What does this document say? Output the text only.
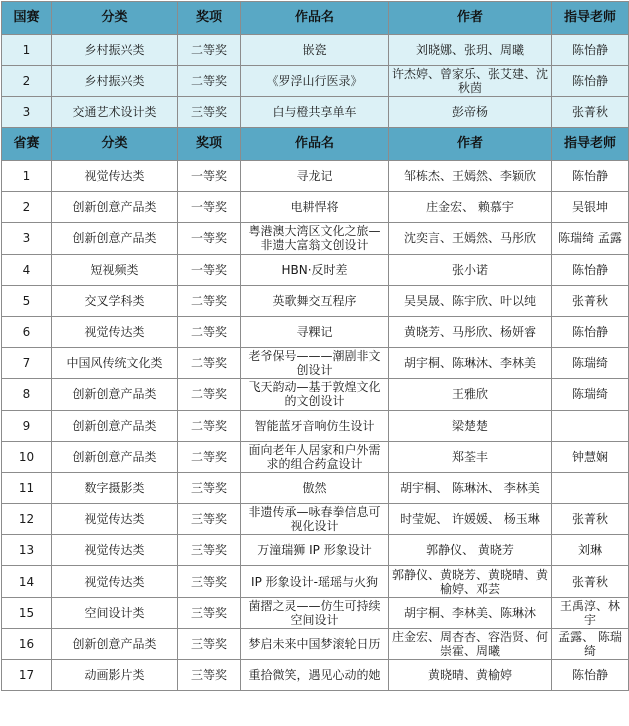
国赛	分类	奖项	作品名	作者	指导老师
1	乡村振兴类	二等奖	嵌瓷	刘晓娜、张玥、周曦	陈怡静
2	乡村振兴类	二等奖	《罗浮山行医录》	许杰婷、曾家乐、张艾建、沈秋茵	陈怡静
3	交通艺术设计类	三等奖	白与橙共享单车	彭帝杨	张菁秋
省赛	分类	奖项	作品名	作者	指导老师
1	视觉传达类	一等奖	寻龙记	邹栋杰、王嫣然、李颖欣	陈怡静
2	创新创意产品类	一等奖	电耕悍将	庄金宏、 赖慕宇	吴银坤
3	创新创意产品类	一等奖	粤港澳大湾区文化之旅—非遗大富翁文创设计	沈奕言、王嫣然、马彤欣	陈瑞绮 孟露
4	短视频类	一等奖	HBN·反时差	张小诺	陈怡静
5	交叉学科类	二等奖	英歌舞交互程序	吴昊晟、陈宇欣、叶以纯	张菁秋
6	视觉传达类	二等奖	寻粿记	黄晓芳、马彤欣、杨妍睿	陈怡静
7	中国风传统文化类	二等奖	老爷保号———潮剧非文创设计	胡宇桐、陈琳沐、李林美	陈瑞绮
8	创新创意产品类	二等奖	飞天韵动—基于敦煌文化的文创设计	王雅欣	陈瑞绮
9	创新创意产品类	二等奖	智能蓝牙音响仿生设计	梁楚楚	
10	创新创意产品类	二等奖	面向老年人居家和户外需求的组合药盒设计	郑荃丰	钟慧娴
11	数字摄影类	三等奖	傲然	胡宇桐、 陈琳沐、 李林美	
12	视觉传达类	三等奖	非遗传承—咏春拳信息可视化设计	时莹妮、 许媛媛、 杨玉琳	张菁秋
13	视觉传达类	三等奖	万潼瑞狮 IP 形象设计	郭静仪、 黄晓芳	刘琳
14	视觉传达类	三等奖	IP 形象设计-瑶瑶与火狗	郭静仪、黄晓芳、黄晓晴、黄榆婷、邓芸	张菁秋
15	空间设计类	三等奖	菌摺之灵——仿生可持续空间设计	胡宇桐、李林美、陈琳沐	王禹淳、林宇
16	创新创意产品类	三等奖	梦启未来中国梦滚轮日历	庄金宏、周杏杏、容浩贤、何崇霍、周曦	孟露、 陈瑞绮
17	动画影片类	三等奖	重拾微笑，遇见心动的她	黄晓晴、黄榆婷	陈怡静
